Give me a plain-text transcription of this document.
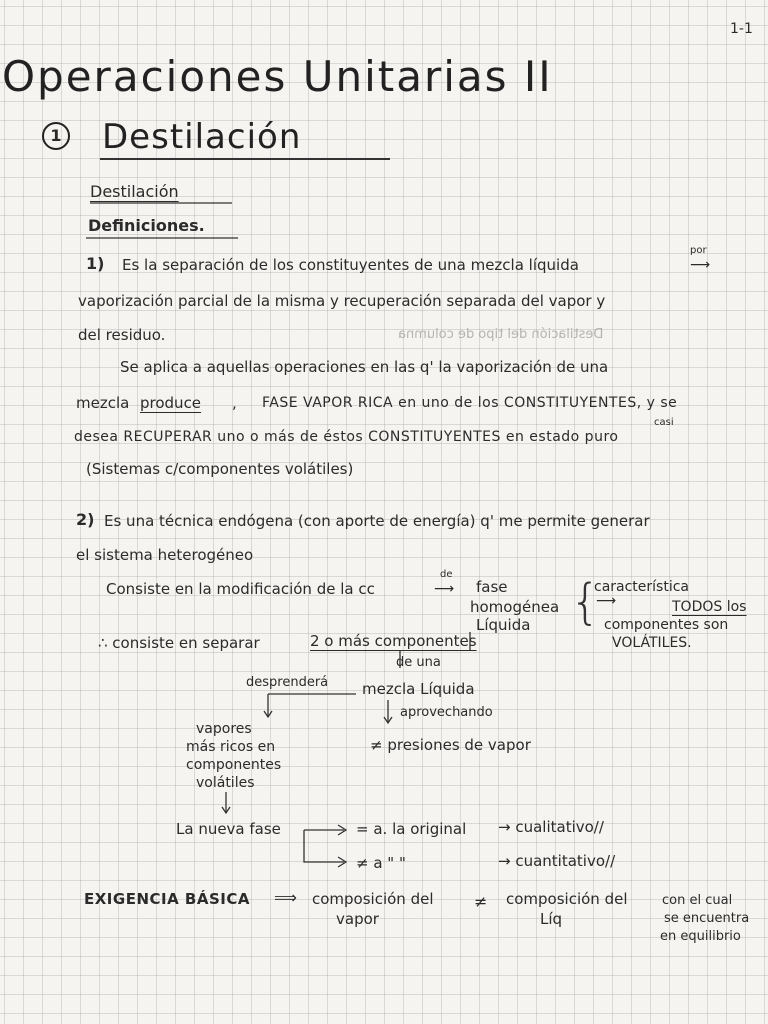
1-1
Operaciones Unitarias II
1 Destilación
Destilación
Definiciones.
1) Es la separación de los constituyentes de una mezcla líquida
por
⟶
vaporización parcial de la misma y recuperación separada del vapor y
del residuo.	Destilación del tipo de columna
Se aplica a aquellas operaciones en las q' la vaporización de una
mezcla produce , FASE VAPOR RICA en uno de los CONSTITUYENTES, y se
casi
desea RECUPERAR uno o más de éstos CONSTITUYENTES en estado puro
(Sistemas c/componentes volátiles)
2) Es una técnica endógena (con aporte de energía) q' me permite generar
el sistema heterogéneo
Consiste en la modificación de la cc
de
⟶ fase
homogénea
Líquida {
característica
⟶	TODOS los
componentes son
VOLÁTILES.
∴ consiste en separar	2 o más componentes
de una
desprenderá mezcla Líquida
aprovechando
≠ presiones de vapor
vapores
más ricos en
componentes
volátiles
La nueva fase	= a. la original → cualitativo//
≠ a " "	→ cuantitativo//
EXIGENCIA BÁSICA ⟹ composición del
vapor
≠ composición del
Líq
con el cual
se encuentra
en equilibrio
